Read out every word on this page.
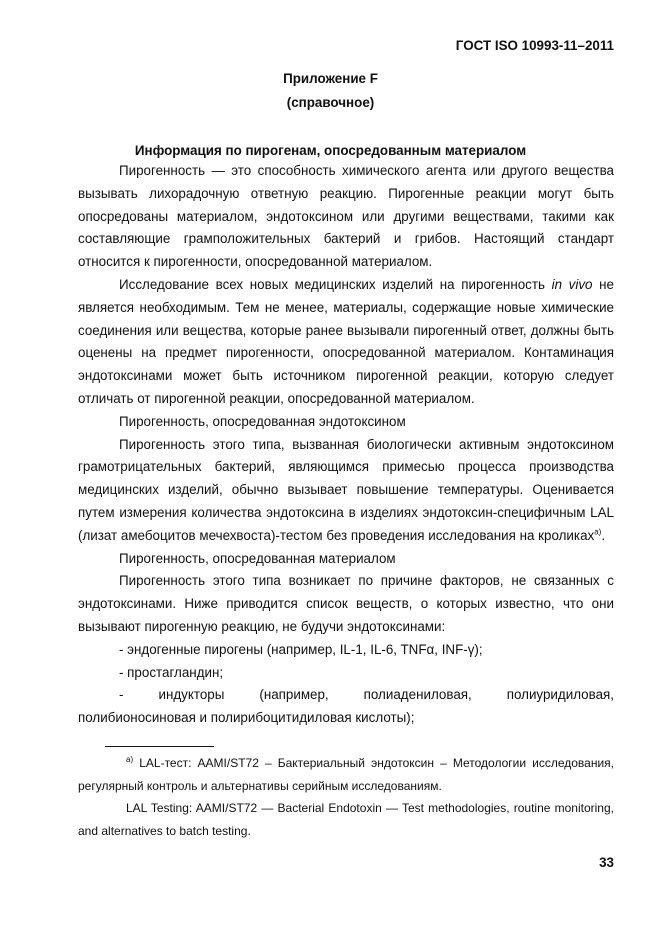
ГОСТ ISO 10993-11–2011
Приложение F
(справочное)
Информация по пирогенам, опосредованным материалом

Пирогенность — это способность химического агента или другого вещества вызывать лихорадочную ответную реакцию. Пирогенные реакции могут быть опосредованы материалом, эндотоксином или другими веществами, такими как составляющие грамположительных бактерий и грибов. Настоящий стандарт относится к пирогенности, опосредованной материалом.

Исследование всех новых медицинских изделий на пирогенность in vivo не является необходимым. Тем не менее, материалы, содержащие новые химические соединения или вещества, которые ранее вызывали пирогенный ответ, должны быть оценены на предмет пирогенности, опосредованной материалом. Контаминация эндотоксинами может быть источником пирогенной реакции, которую следует отличать от пирогенной реакции, опосредованной материалом.

Пирогенность, опосредованная эндотоксином

Пирогенность этого типа, вызванная биологически активным эндотоксином грамотрицательных бактерий, являющимся примесью процесса производства медицинских изделий, обычно вызывает повышение температуры. Оценивается путем измерения количества эндотоксина в изделиях эндотоксин-специфичным LAL (лизат амебоцитов мечехвоста)-тестом без проведения исследования на кроликах$^{a)}$.

Пирогенность, опосредованная материалом

Пирогенность этого типа возникает по причине факторов, не связанных с эндотоксинами. Ниже приводится список веществ, о которых известно, что они вызывают пирогенную реакцию, не будучи эндотоксинами:

- эндогенные пирогены (например, IL-1, IL-6, TNFα, INF-γ);

- простагландин;

- индукторы (например, полиадениловая, полиуридиловая,

полибионосиновая и полирибоцитидиловая кислоты);

$^{a)}$ LAL-тест: AAMI/ST72 – Бактериальный эндотоксин – Методологии исследования, регулярный контроль и альтернативы серийным исследованиям.

LAL Testing: AAMI/ST72 — Bacterial Endotoxin — Test methodologies, routine monitoring, and alternatives to batch testing.

33
